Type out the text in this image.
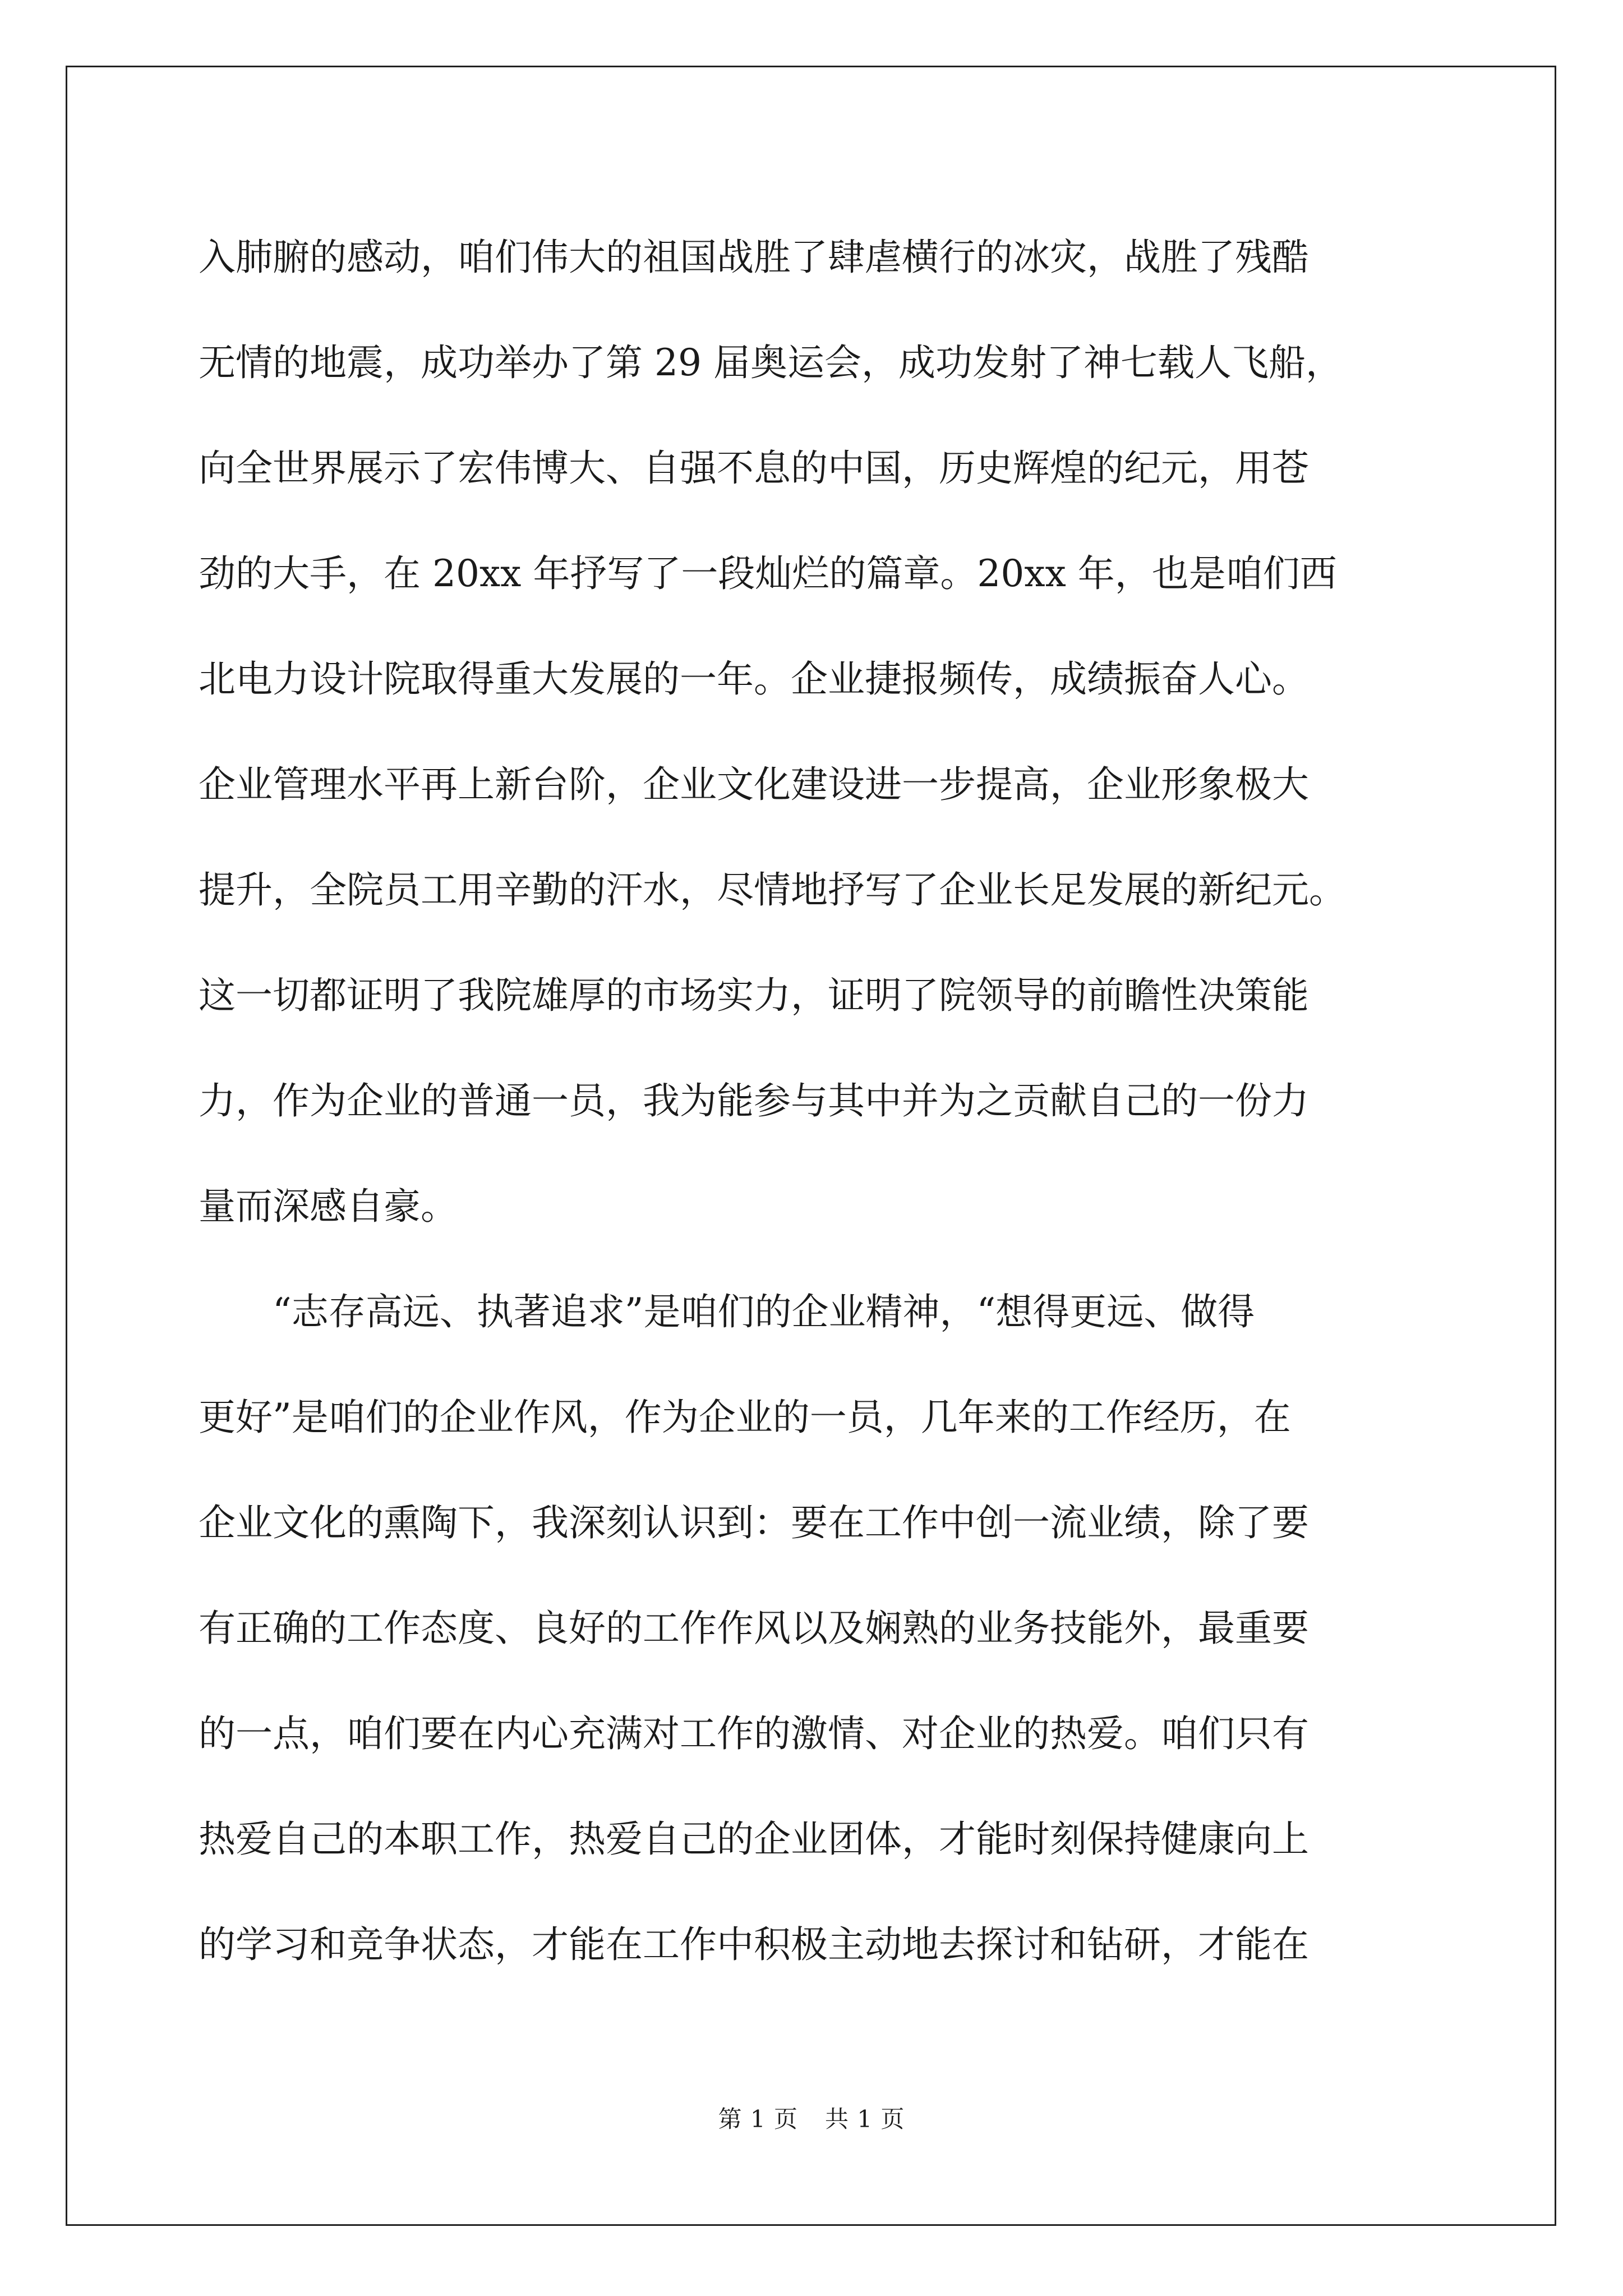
入肺腑的感动，咱们伟大的祖国战胜了肆虐横行的冰灾，战胜了残酷
无情的地震，成功举办了第 29 届奥运会，成功发射了神七载人飞船，
向全世界展示了宏伟博大、自强不息的中国，历史辉煌的纪元，用苍
劲的大手，在 20xx 年抒写了一段灿烂的篇章。20xx 年，也是咱们西
北电力设计院取得重大发展的一年。企业捷报频传，成绩振奋人心。
企业管理水平再上新台阶，企业文化建设进一步提高，企业形象极大
提升，全院员工用辛勤的汗水，尽情地抒写了企业长足发展的新纪元。
这一切都证明了我院雄厚的市场实力，证明了院领导的前瞻性决策能
力，作为企业的普通一员，我为能参与其中并为之贡献自己的一份力
量而深感自豪。
“志存高远、执著追求”是咱们的企业精神，“想得更远、做得
更好”是咱们的企业作风，作为企业的一员，几年来的工作经历，在
企业文化的熏陶下，我深刻认识到：要在工作中创一流业绩，除了要
有正确的工作态度、良好的工作作风以及娴熟的业务技能外，最重要
的一点，咱们要在内心充满对工作的激情、对企业的热爱。咱们只有
热爱自己的本职工作，热爱自己的企业团体，才能时刻保持健康向上
的学习和竞争状态，才能在工作中积极主动地去探讨和钻研，才能在
第 1 页 共 1 页
